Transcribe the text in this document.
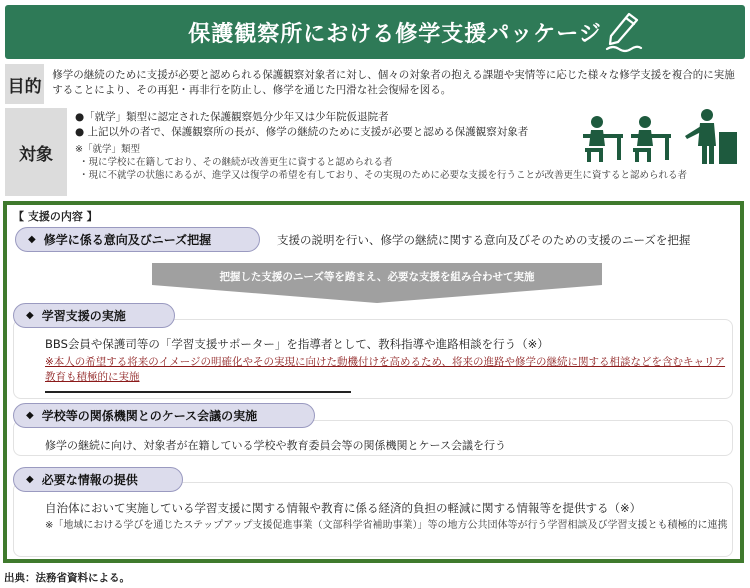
保護観察所における修学支援パッケージ
目的
修学の継続のために支援が必要と認められる保護観察対象者に対し、個々の対象者の抱える課題や実情等に応じた様々な修学支援を複合的に実施することにより、その再犯・再非行を防止し、修学を通じた円滑な社会復帰を図る。
対象
●「就学」類型に認定された保護観察処分少年又は少年院仮退院者
● 上記以外の者で、保護観察所の長が、修学の継続のために支援が必要と認める保護観察対象者
※「就学」類型
・現に学校に在籍しており、その継続が改善更生に資すると認められる者
・現に不就学の状態にあるが、進学又は復学の希望を有しており、その実現のために必要な支援を行うことが改善更生に資すると認められる者
【 支援の内容 】
◆ 修学に係る意向及びニーズ把握	支援の説明を行い、修学の継続に関する意向及びそのための支援のニーズを把握
把握した支援のニーズ等を踏まえ、必要な支援を組み合わせて実施
◆ 学習支援の実施
BBS会員や保護司等の「学習支援サポーター」を指導者として、教科指導や進路相談を行う（※）
※本人の希望する将来のイメージの明確化やその実現に向けた動機付けを高めるため、将来の進路や修学の継続に関する相談などを含むキャリア教育も積極的に実施
◆ 学校等の関係機関とのケース会議の実施
修学の継続に向け、対象者が在籍している学校や教育委員会等の関係機関とケース会議を行う
◆ 必要な情報の提供
自治体において実施している学習支援に関する情報や教育に係る経済的負担の軽減に関する情報等を提供する（※）
※「地域における学びを通じたステップアップ支援促進事業（文部科学省補助事業）」等の地方公共団体等が行う学習相談及び学習支援とも積極的に連携
出典：法務省資料による。
